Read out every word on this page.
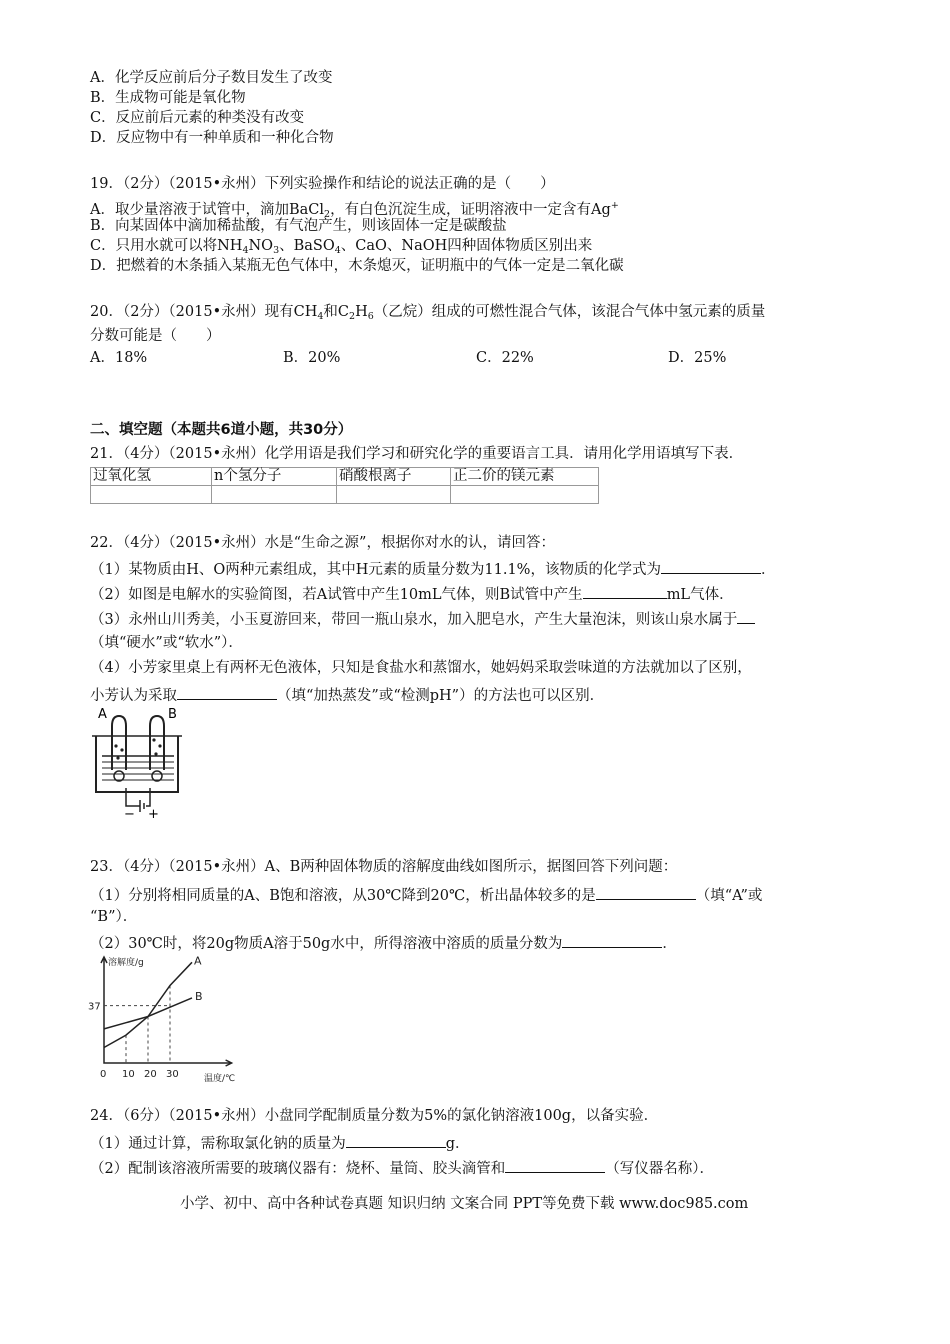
A．化学反应前后分子数目发生了改变
B．生成物可能是氧化物
C．反应前后元素的种类没有改变
D．反应物中有一种单质和一种化合物
19．（2分）（2015•永州）下列实验操作和结论的说法正确的是（　　）
A．取少量溶液于试管中，滴加BaCl$_2$，有白色沉淀生成，证明溶液中一定含有Ag+
B．向某固体中滴加稀盐酸，有气泡产生，则该固体一定是碳酸盐
C．只用水就可以将$NH_4NO_3$、BaSO$_4$、CaO、NaOH四种固体物质区别出来
D．把燃着的木条插入某瓶无色气体中，木条熄灭，证明瓶中的气体一定是二氧化碳
20．（2分）（2015•永州）现有$CH_4$和$C_2H_6$（乙烷）组成的可燃性混合气体，该混合气体中氢元素的质量
分数可能是（　　）
A．18%	B．20%	C．22%	D．25%
二、填空题（本题共6道小题，共30分）
21．（4分）（2015•永州）化学用语是我们学习和研究化学的重要语言工具．请用化学用语填写下表．
过氧化氢	n个氢分子	硝酸根离子	正二价的镁元素

22．（4分）（2015•永州）水是“生命之源”，根据你对水的认，请回答：
（1）某物质由H、O两种元素组成，其中H元素的质量分数为11.1%，该物质的化学式为	．
（2）如图是电解水的实验简图，若A试管中产生10mL气体，则B试管中产生	mL气体．
（3）永州山川秀美，小玉夏游回来，带回一瓶山泉水，加入肥皂水，产生大量泡沫，则该山泉水属于
（填“硬水”或“软水”）．
（4）小芳家里桌上有两杯无色液体，只知是食盐水和蒸馏水，她妈妈采取尝味道的方法就加以了区别，
小芳认为采取	（填“加热蒸发”或“检测pH”）的方法也可以区别．
A	B
− +
23．（4分）（2015•永州）A、B两种固体物质的溶解度曲线如图所示，据图回答下列问题：
（1）分别将相同质量的A、B饱和溶液，从30℃降到20℃，析出晶体较多的是	（填“A”或
“B”）．
（2）30℃时，将20g物质A溶于50g水中，所得溶液中溶质的质量分数为	．
0 10 20 30
37
溶解度/g
温度/℃
A
B
24．（6分）（2015•永州）小盘同学配制质量分数为5%的氯化钠溶液100g，以备实验．
（1）通过计算，需称取氯化钠的质量为	g．
（2）配制该溶液所需要的玻璃仪器有：烧杯、量筒、胶头滴管和	（写仪器名称）．
小学、初中、高中各种试卷真题 知识归纳 文案合同 PPT等免费下载 www.doc985.com
